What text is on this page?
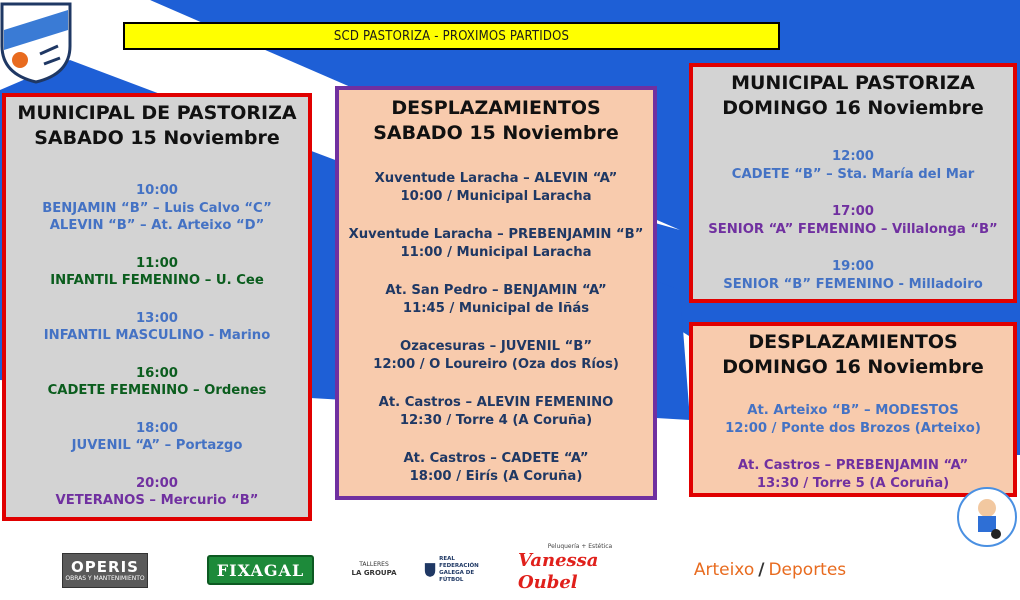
SCD PASTORIZA - PROXIMOS PARTIDOS
MUNICIPAL DE PASTORIZA
SABADO 15 Noviembre
10:00
BENJAMIN “B” – Luis Calvo “C”
ALEVIN “B” – At. Arteixo “D”
11:00
INFANTIL FEMENINO – U. Cee
13:00
INFANTIL MASCULINO - Marino
16:00
CADETE FEMENINO – Ordenes
18:00
JUVENIL “A” – Portazgo
20:00
VETERANOS – Mercurio “B”
DESPLAZAMIENTOS
SABADO 15 Noviembre
Xuventude Laracha – ALEVIN “A”
10:00 / Municipal Laracha
Xuventude Laracha – PREBENJAMIN “B”
11:00 / Municipal Laracha
At. San Pedro – BENJAMIN “A”
11:45 / Municipal de Iñás
Ozacesuras – JUVENIL “B”
12:00 / O Loureiro (Oza dos Ríos)
At. Castros – ALEVIN FEMENINO
12:30 / Torre 4 (A Coruña)
At. Castros – CADETE “A”
18:00 / Eirís (A Coruña)
MUNICIPAL PASTORIZA
DOMINGO 16 Noviembre
12:00
CADETE “B” – Sta. María del Mar
17:00
SENIOR “A” FEMENINO – Villalonga “B”
19:00
SENIOR “B” FEMENINO - Milladoiro
DESPLAZAMIENTOS
DOMINGO 16 Noviembre
At. Arteixo “B” – MODESTOS
12:00 / Ponte dos Brozos (Arteixo)
At. Castros – PREBENJAMIN “A”
13:30 / Torre 5 (A Coruña)
OPERIS
OBRAS Y MANTENIMIENTO	FIXAGAL	TALLERES
LA GROUPA
REAL FEDERACIÓN
GALEGA DE FÚTBOL
Peluquería + Estética
Vanessa Oubel
Arteixo / Deportes
